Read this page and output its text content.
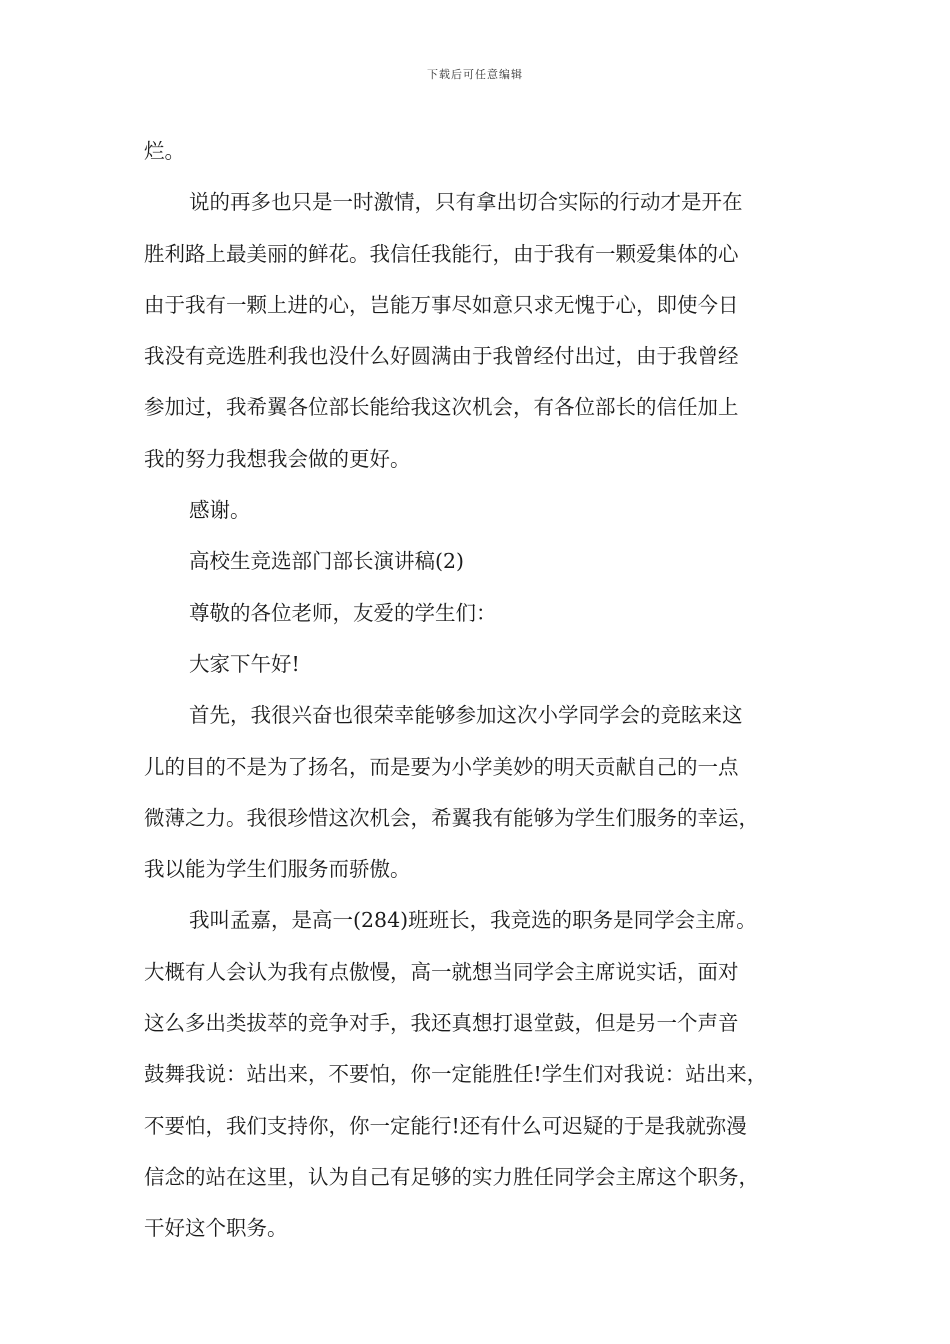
下载后可任意编辑
烂。
说的再多也只是一时激情，只有拿出切合实际的行动才是开在
胜利路上最美丽的鲜花。我信任我能行，由于我有一颗爱集体的心
由于我有一颗上进的心，岂能万事尽如意只求无愧于心，即使今日
我没有竞选胜利我也没什么好圆满由于我曾经付出过，由于我曾经
参加过，我希翼各位部长能给我这次机会，有各位部长的信任加上
我的努力我想我会做的更好。
感谢。
高校生竞选部门部长演讲稿(2)
尊敬的各位老师，友爱的学生们：
大家下午好!
首先，我很兴奋也很荣幸能够参加这次小学同学会的竞眩来这
儿的目的不是为了扬名，而是要为小学美妙的明天贡献自己的一点
微薄之力。我很珍惜这次机会，希翼我有能够为学生们服务的幸运，
我以能为学生们服务而骄傲。
我叫孟嘉，是高一(284)班班长，我竞选的职务是同学会主席。
大概有人会认为我有点傲慢，高一就想当同学会主席说实话，面对
这么多出类拔萃的竞争对手，我还真想打退堂鼓，但是另一个声音
鼓舞我说：站出来，不要怕，你一定能胜任!学生们对我说：站出来，
不要怕，我们支持你，你一定能行!还有什么可迟疑的于是我就弥漫
信念的站在这里，认为自己有足够的实力胜任同学会主席这个职务，
干好这个职务。
